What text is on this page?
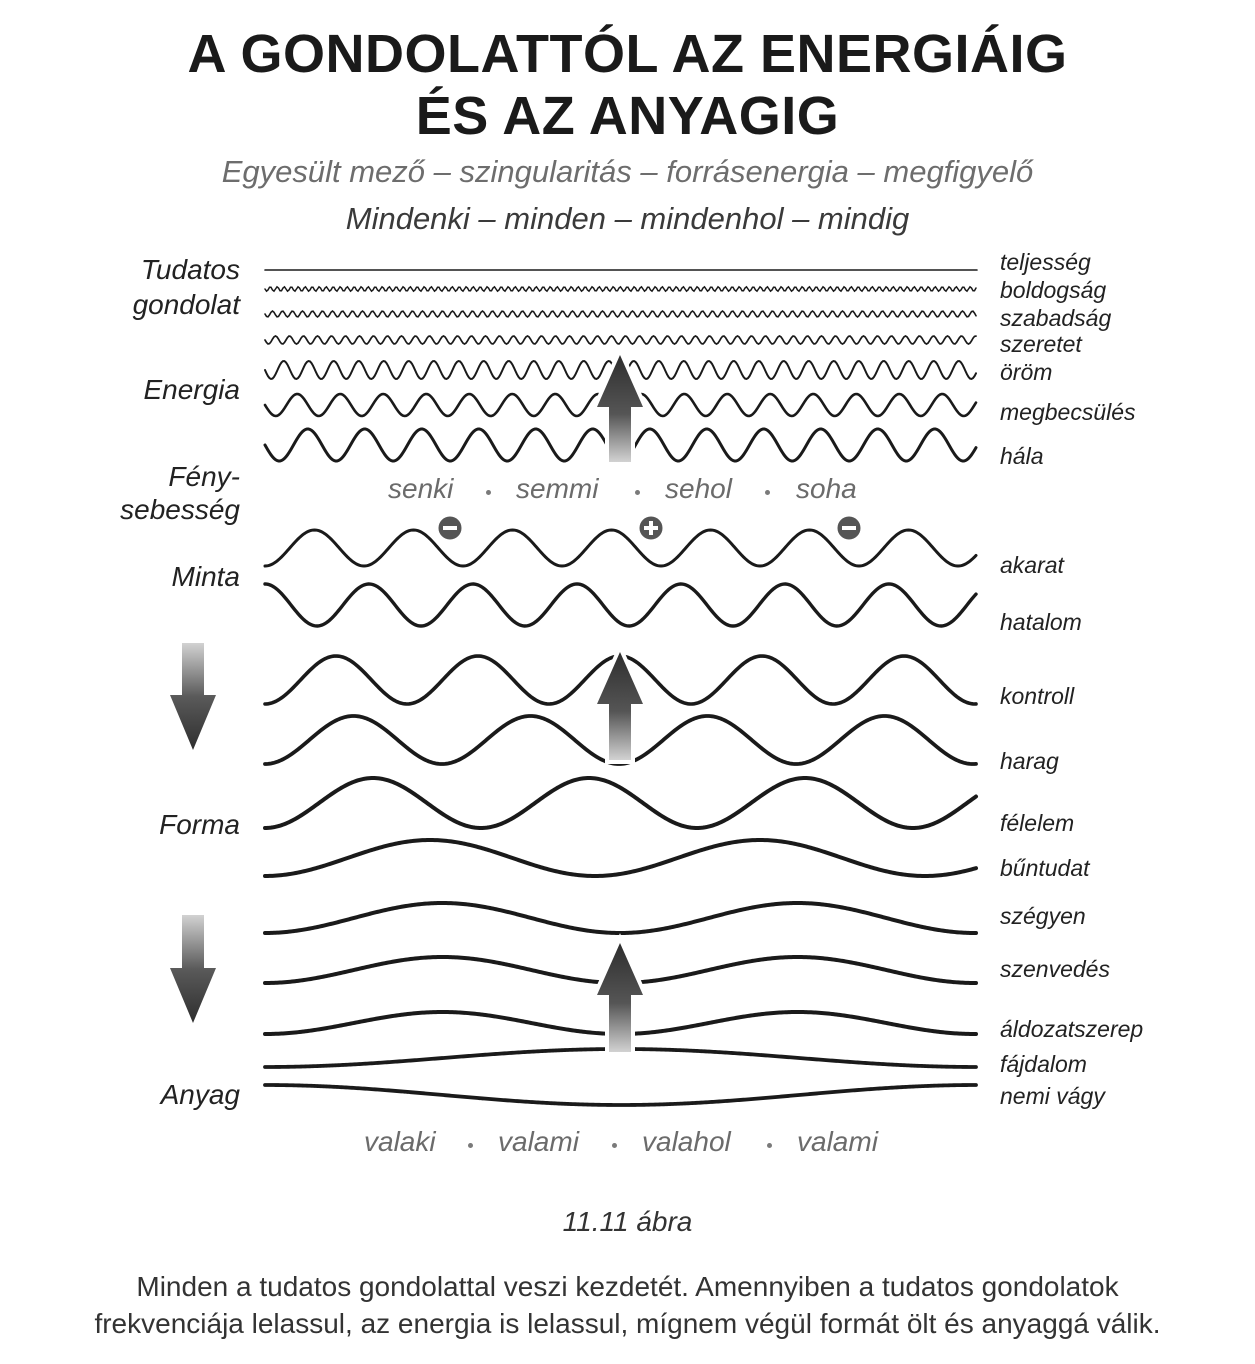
A GONDOLATTÓL AZ ENERGIÁIG
ÉS AZ ANYAGIG
Egyesült mező – szingularitás – forrásenergia – megfigyelő
Mindenki – minden – mindenhol – mindig
Tudatos
gondolat
Energia
Fény-
sebesség
Minta
Forma
Anyag
teljesség
boldogság
szabadság
szeretet
öröm
megbecsülés
hála
akarat
hatalom
kontroll
harag
félelem
bűntudat
szégyen
szenvedés
áldozatszerep
fájdalom
nemi vágy
senki semmi sehol soha
valaki valami valahol valami
11.11 ábra
Minden a tudatos gondolattal veszi kezdetét. Amennyiben a tudatos gondolatok
frekvenciája lelassul, az energia is lelassul, mígnem végül formát ölt és anyaggá válik.
